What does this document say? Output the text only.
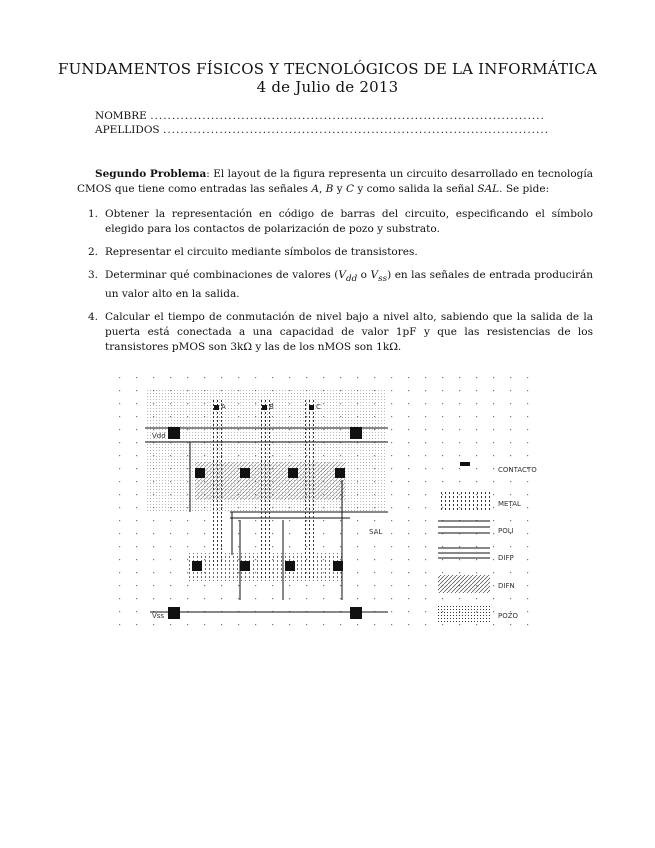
FUNDAMENTOS FÍSICOS Y TECNOLÓGICOS DE LA INFORMÁTICA
4 de Julio de 2013
NOMBRE ...........................................................................................
APELLIDOS .........................................................................................
Segundo Problema: El layout de la figura representa un circuito desarrollado en tecnología CMOS que tiene como entradas las señales A, B y C y como salida la señal SAL. Se pide:
1. Obtener la representación en código de barras del circuito, especificando el símbolo elegido para los contactos de polarización de pozo y substrato.
2. Representar el circuito mediante símbolos de transistores.
3. Determinar qué combinaciones de valores ($V_{dd}$ o $V_{ss}$) en las señales de entrada producirán un valor alto en la salida.
4. Calcular el tiempo de conmutación de nivel bajo a nivel alto, sabiendo que la salida de la puerta está conectada a una capacidad de valor 1pF y que las resistencias de los transistores pMOS son 3kΩ y las de los nMOS son 1kΩ.
Vdd
A	B	C
SAL
Vss
CONTACTO
METAL
POLI
DIFP
DIFN
POZO
